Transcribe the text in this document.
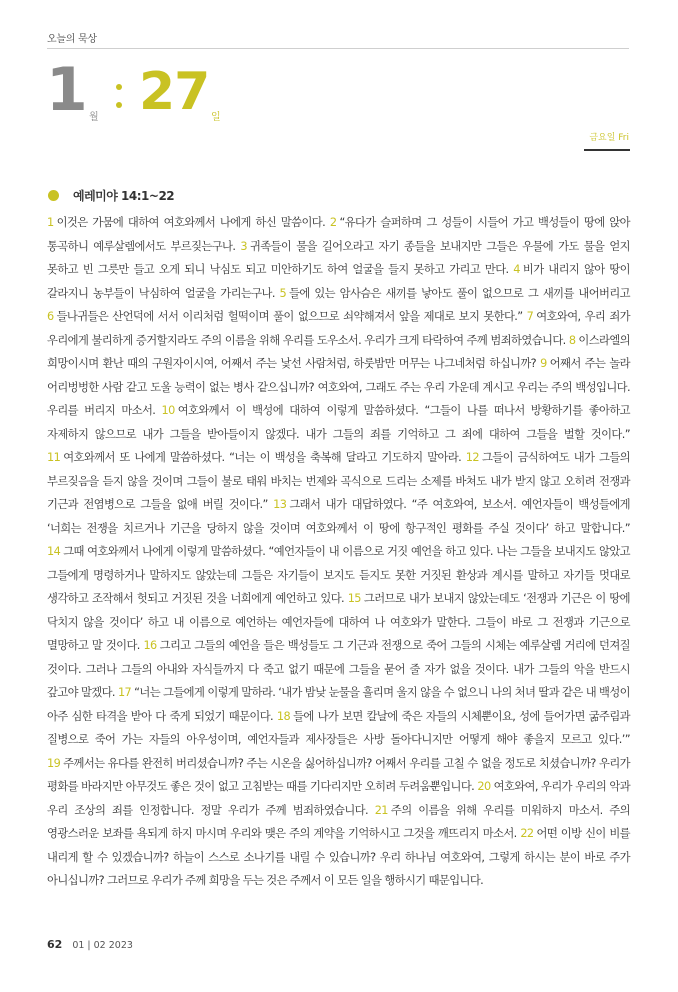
오늘의 묵상
1 월 27 일
금요일 Fri
예레미야 14:1~22
1 이것은 가뭄에 대하여 여호와께서 나에게 하신 말씀이다. 2 “유다가 슬퍼하며 그 성들이 시들어 가고 백성들이 땅에 앉아 통곡하니 예루살렘에서도 부르짖는구나. 3 귀족들이 물을 길어오라고 자기 종들을 보내지만 그들은 우물에 가도 물을 얻지 못하고 빈 그릇만 들고 오게 되니 낙심도 되고 미안하기도 하여 얼굴을 들지 못하고 가리고 만다. 4 비가 내리지 않아 땅이 갈라지니 농부들이 낙심하여 얼굴을 가리는구나. 5 들에 있는 암사슴은 새끼를 낳아도 풀이 없으므로 그 새끼를 내어버리고 6 들나귀들은 산언덕에 서서 이리처럼 헐떡이며 풀이 없으므로 쇠약해져서 앞을 제대로 보지 못한다.” 7 여호와여, 우리 죄가 우리에게 불리하게 증거할지라도 주의 이름을 위해 우리를 도우소서. 우리가 크게 타락하여 주께 범죄하였습니다. 8 이스라엘의 희망이시며 환난 때의 구원자이시여, 어째서 주는 낯선 사람처럼, 하룻밤만 머무는 나그네처럼 하십니까? 9 어째서 주는 놀라 어리벙벙한 사람 같고 도울 능력이 없는 병사 같으십니까? 여호와여, 그래도 주는 우리 가운데 계시고 우리는 주의 백성입니다. 우리를 버리지 마소서. 10 여호와께서 이 백성에 대하여 이렇게 말씀하셨다. “그들이 나를 떠나서 방황하기를 좋아하고 자제하지 않으므로 내가 그들을 받아들이지 않겠다. 내가 그들의 죄를 기억하고 그 죄에 대하여 그들을 벌할 것이다.” 11 여호와께서 또 나에게 말씀하셨다. “너는 이 백성을 축복해 달라고 기도하지 말아라. 12 그들이 금식하여도 내가 그들의 부르짖음을 듣지 않을 것이며 그들이 불로 태워 바치는 번제와 곡식으로 드리는 소제를 바쳐도 내가 받지 않고 오히려 전쟁과 기근과 전염병으로 그들을 없애 버릴 것이다.” 13 그래서 내가 대답하였다. “주 여호와여, 보소서. 예언자들이 백성들에게 ‘너희는 전쟁을 치르거나 기근을 당하지 않을 것이며 여호와께서 이 땅에 항구적인 평화를 주실 것이다’ 하고 말합니다.” 14 그때 여호와께서 나에게 이렇게 말씀하셨다. “예언자들이 내 이름으로 거짓 예언을 하고 있다. 나는 그들을 보내지도 않았고 그들에게 명령하거나 말하지도 않았는데 그들은 자기들이 보지도 듣지도 못한 거짓된 환상과 계시를 말하고 자기들 멋대로 생각하고 조작해서 헛되고 거짓된 것을 너희에게 예언하고 있다. 15 그러므로 내가 보내지 않았는데도 ‘전쟁과 기근은 이 땅에 닥치지 않을 것이다’ 하고 내 이름으로 예언하는 예언자들에 대하여 나 여호와가 말한다. 그들이 바로 그 전쟁과 기근으로 멸망하고 말 것이다. 16 그리고 그들의 예언을 들은 백성들도 그 기근과 전쟁으로 죽어 그들의 시체는 예루살렘 거리에 던져질 것이다. 그러나 그들의 아내와 자식들까지 다 죽고 없기 때문에 그들을 묻어 줄 자가 없을 것이다. 내가 그들의 악을 반드시 갚고야 말겠다. 17 “너는 그들에게 이렇게 말하라. ‘내가 밤낮 눈물을 흘리며 울지 않을 수 없으니 나의 처녀 딸과 같은 내 백성이 아주 심한 타격을 받아 다 죽게 되었기 때문이다. 18 들에 나가 보면 칼날에 죽은 자들의 시체뿐이요, 성에 들어가면 굶주림과 질병으로 죽어 가는 자들의 아우성이며, 예언자들과 제사장들은 사방 돌아다니지만 어떻게 해야 좋을지 모르고 있다.’” 19 주께서는 유다를 완전히 버리셨습니까? 주는 시온을 싫어하십니까? 어째서 우리를 고칠 수 없을 정도로 치셨습니까? 우리가 평화를 바라지만 아무것도 좋은 것이 없고 고침받는 때를 기다리지만 오히려 두려움뿐입니다. 20 여호와여, 우리가 우리의 악과 우리 조상의 죄를 인정합니다. 정말 우리가 주께 범죄하였습니다. 21 주의 이름을 위해 우리를 미워하지 마소서. 주의 영광스러운 보좌를 욕되게 하지 마시며 우리와 맺은 주의 계약을 기억하시고 그것을 깨뜨리지 마소서. 22 어떤 이방 신이 비를 내리게 할 수 있겠습니까? 하늘이 스스로 소나기를 내릴 수 있습니까? 우리 하나님 여호와여, 그렇게 하시는 분이 바로 주가 아니십니까? 그러므로 우리가 주께 희망을 두는 것은 주께서 이 모든 일을 행하시기 때문입니다.
62 01 | 02 2023
